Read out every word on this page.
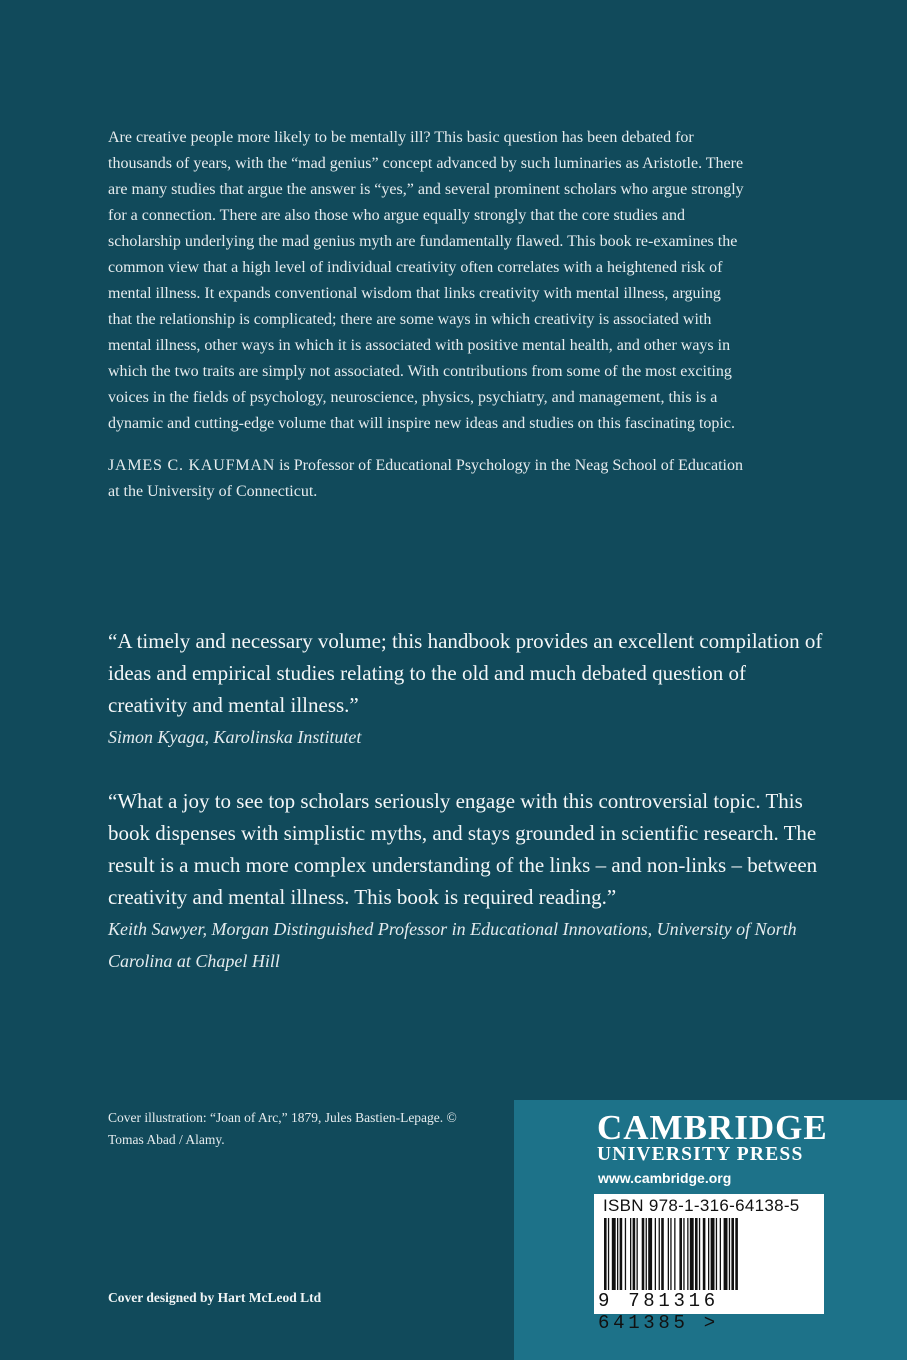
Are creative people more likely to be mentally ill? This basic question has been debated for thousands of years, with the “mad genius” concept advanced by such luminaries as Aristotle. There are many studies that argue the answer is “yes,” and several prominent scholars who argue strongly for a connection. There are also those who argue equally strongly that the core studies and scholarship underlying the mad genius myth are fundamentally flawed. This book re-examines the common view that a high level of individual creativity often correlates with a heightened risk of mental illness. It expands conventional wisdom that links creativity with mental illness, arguing that the relationship is complicated; there are some ways in which creativity is associated with mental illness, other ways in which it is associated with positive mental health, and other ways in which the two traits are simply not associated. With contributions from some of the most exciting voices in the fields of psychology, neuroscience, physics, psychiatry, and management, this is a dynamic and cutting-edge volume that will inspire new ideas and studies on this fascinating topic.

JAMES C. KAUFMAN is Professor of Educational Psychology in the Neag School of Education at the University of Connecticut.

“A timely and necessary volume; this handbook provides an excellent compilation of ideas and empirical studies relating to the old and much debated question of creativity and mental illness.”

Simon Kyaga, Karolinska Institutet

“What a joy to see top scholars seriously engage with this controversial topic. This book dispenses with simplistic myths, and stays grounded in scientific research. The result is a much more complex understanding of the links – and non-links – between creativity and mental illness. This book is required reading.”

Keith Sawyer, Morgan Distinguished Professor in Educational Innovations, University of North Carolina at Chapel Hill

Cover illustration: “Joan of Arc,” 1879, Jules Bastien-Lepage. © Tomas Abad / Alamy.
Cover designed by Hart McLeod Ltd
CAMBRIDGE
UNIVERSITY PRESS
www.cambridge.org
ISBN 978-1-316-64138-5
9 781316 641385 >
